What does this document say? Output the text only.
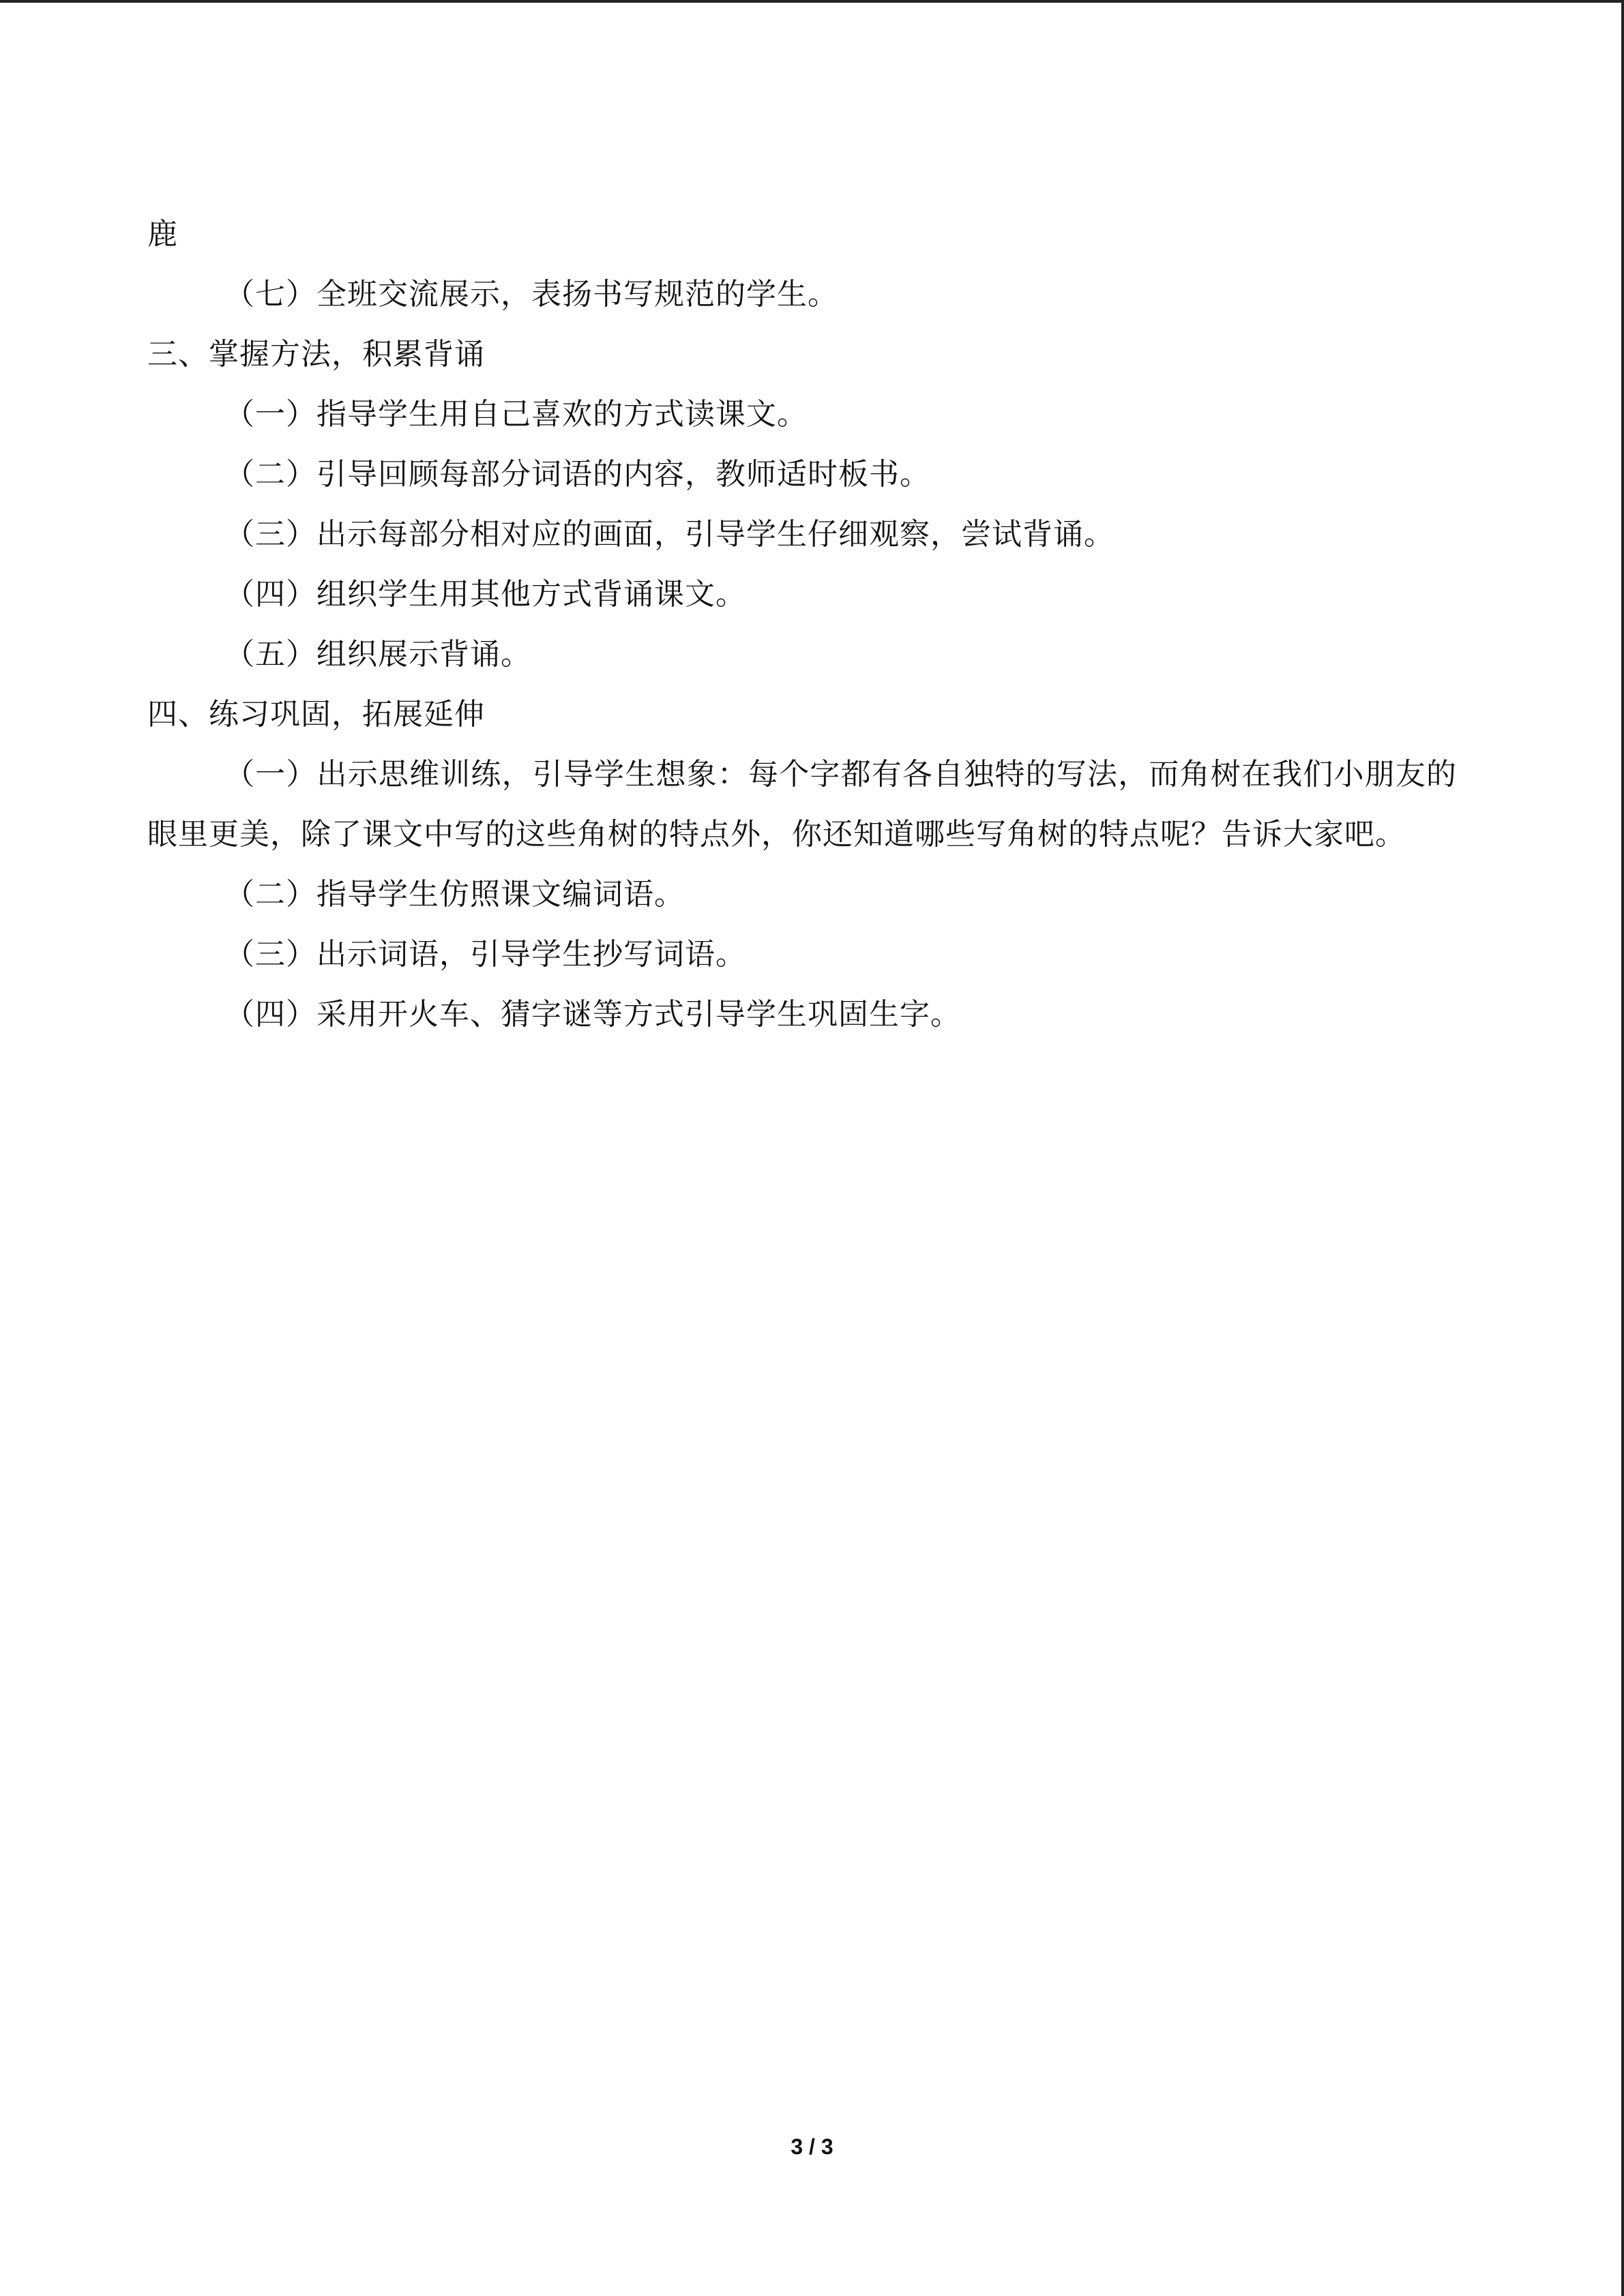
鹿
（七）全班交流展示，表扬书写规范的学生。
三、掌握方法，积累背诵
（一）指导学生用自己喜欢的方式读课文。
（二）引导回顾每部分词语的内容，教师适时板书。
（三）出示每部分相对应的画面，引导学生仔细观察，尝试背诵。
（四）组织学生用其他方式背诵课文。
（五）组织展示背诵。
四、练习巩固，拓展延伸
（一）出示思维训练，引导学生想象：每个字都有各自独特的写法，而角树在我们小朋友的眼里更美，除了课文中写的这些角树的特点外，你还知道哪些写角树的特点呢？告诉大家吧。
（二）指导学生仿照课文编词语。
（三）出示词语，引导学生抄写词语。
（四）采用开火车、猜字谜等方式引导学生巩固生字。
3 / 3
